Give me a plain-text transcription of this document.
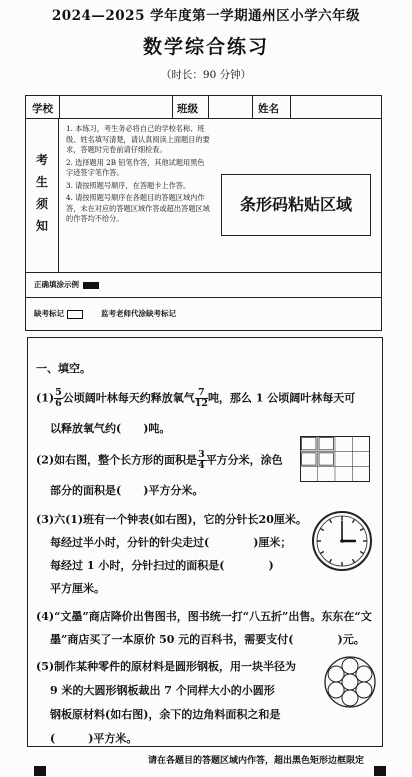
2024—2025 学年度第一学期通州区小学六年级
数学综合练习
（时长：90 分钟）
学校	班级	姓名
考
生
须
知
1. 本练习，考生务必将自己的学校名称、班级、姓名填写清楚，请认真阅读上面题目的要求，答题时完卷前请仔细检查。
2. 选择题用 2B 铅笔作答，其他试题用黑色字迹签字笔作答。
3. 请按照题号顺序，在答题卡上作答。
4. 请按照题号顺序在各题目的答题区域内作答，未在对应的答题区域作答或超出答题区域的作答均不给分。
条形码粘贴区域
正确填涂示例
缺考标记	监考老师代涂缺考标记
一、填空。
$(1) \frac{5}{6}$ 公顷阔叶林每天约释放氧气 $\frac{7}{12}$ 吨，那么 1 公顷阔叶林每天可
以释放氧气约(　　)吨。
(2)如右图，整个长方形的面积是 $\frac{3}{4}$ 平方分米，涂色
部分的面积是(　　)平方分米。
(3)六(1)班有一个钟表(如右图)，它的分针长20厘米。
每经过半小时，分针的针尖走过(　　　　)厘米；
每经过 1 小时，分针扫过的面积是(　　　　)
平方厘米。
(4)“文墨”商店降价出售图书，图书统一打“八五折”出售。东东在“文
墨”商店买了一本原价 50 元的百科书，需要支付(　　　　)元。
(5)制作某种零件的原材料是圆形钢板，用一块半径为
9 米的大圆形钢板裁出 7 个同样大小的小圆形
钢板原材料(如右图)，余下的边角料面积之和是
(　　　)平方米。
请在各题目的答题区域内作答，超出黑色矩形边框限定
